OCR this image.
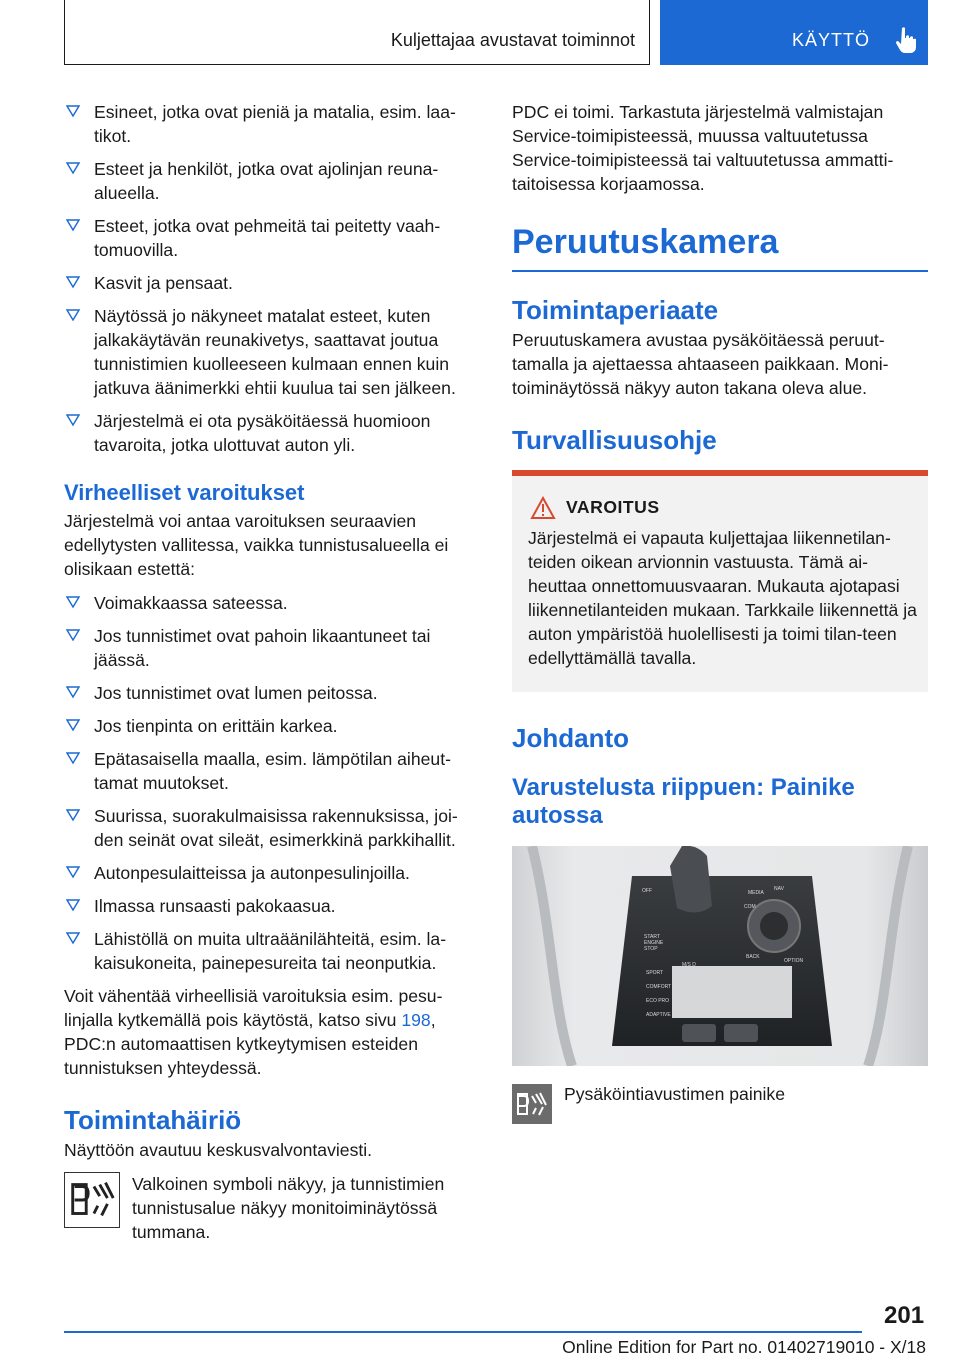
Kuljettajaa avustavat toiminnot	KÄYTTÖ
Esineet, jotka ovat pieniä ja matalia, esim. laa-tikot.
Esteet ja henkilöt, jotka ovat ajolinjan reuna-alueella.
Esteet, jotka ovat pehmeitä tai peitetty vaah-tomuovilla.
Kasvit ja pensaat.
Näytössä jo näkyneet matalat esteet, kuten jalkakäytävän reunakivetys, saattavat joutua tunnistimien kuolleeseen kulmaan ennen kuin jatkuva äänimerkki ehtii kuulua tai sen jälkeen.
Järjestelmä ei ota pysäköitäessä huomioon tavaroita, jotka ulottuvat auton yli.
Virheelliset varoitukset

Järjestelmä voi antaa varoituksen seuraavien edellytysten vallitessa, vaikka tunnistusalueella ei olisikaan estettä:

Voimakkaassa sateessa.
Jos tunnistimet ovat pahoin likaantuneet tai jäässä.
Jos tunnistimet ovat lumen peitossa.
Jos tienpinta on erittäin karkea.
Epätasaisella maalla, esim. lämpötilan aiheut-tamat muutokset.
Suurissa, suorakulmaisissa rakennuksissa, joi-den seinät ovat sileät, esimerkkinä parkkihallit.
Autonpesulaitteissa ja autonpesulinjoilla.
Ilmassa runsaasti pakokaasua.
Lähistöllä on muita ultraäänilähteitä, esim. la-kaisukoneita, painepesureita tai neonputkia.

Voit vähentää virheellisiä varoituksia esim. pesu-linjalla kytkemällä pois käytöstä, katso sivu 198, PDC:n automaattisen kytkeytymisen esteiden tunnistuksen yhteydessä.

Toimintahäiriö

Näyttöön avautuu keskusvalvontaviesti.

Valkoinen symboli näkyy, ja tunnistimien tunnistusalue näkyy monitoiminäytössä tummana.

PDC ei toimi. Tarkastuta järjestelmä valmistajan Service-toimipisteessä, muussa valtuutetussa Service-toimipisteessä tai valtuutetussa ammatti-taitoisessa korjaamossa.

Peruutuskamera
Toimintaperiaate

Peruutuskamera avustaa pysäköitäessä peruut-tamalla ja ajettaessa ahtaaseen paikkaan. Moni-toiminäytössä näkyy auton takana oleva alue.

Turvallisuusohje
VAROITUS

Järjestelmä ei vapauta kuljettajaa liikennetilan-teiden oikean arvionnin vastuusta. Tämä ai-heuttaa onnettomuusvaaran. Mukauta ajotapasi liikennetilanteiden mukaan. Tarkkaile liikennettä ja auton ympäristöä huolellisesti ja toimi tilan-teen edellyttämällä tavalla.

Johdanto
Varustelusta riippuen: Painike autossa
OFF
START
ENGINE
STOP
SPORT
COMFORT
ECO PRO
ADAPTIVE
MEDIA
NAV
COM
BACK
OPTION
M/S D

Pysäköintiavustimen painike

201
Online Edition for Part no. 01402719010 - X/18
